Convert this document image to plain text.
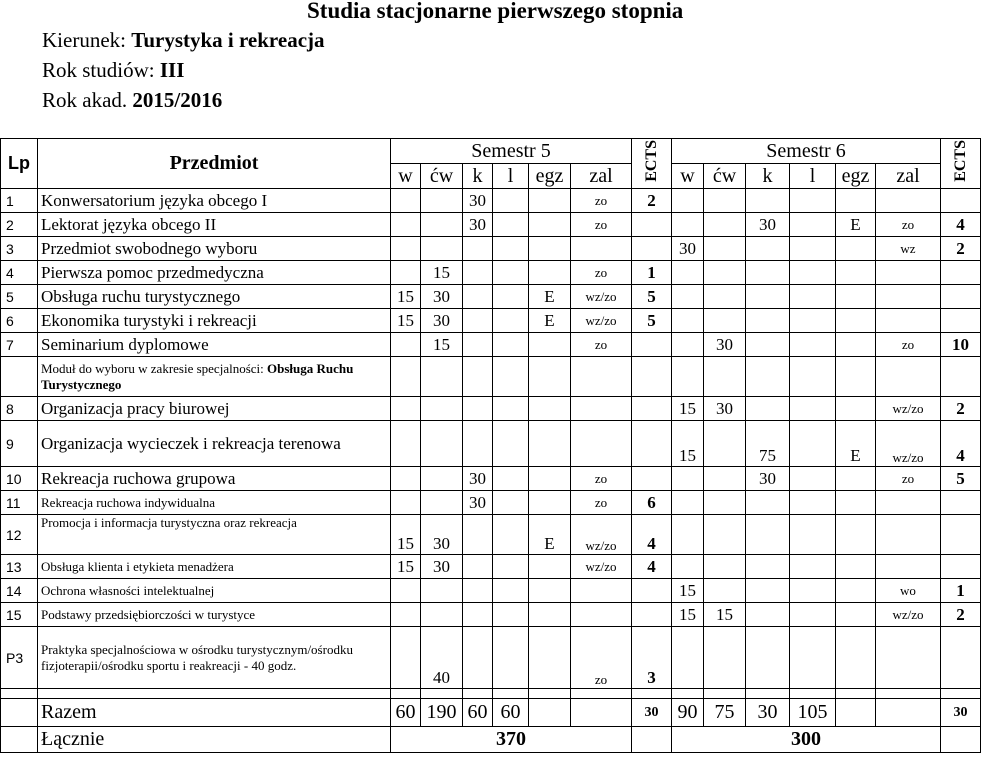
Studia stacjonarne pierwszego stopnia
Kierunek: Turystyka i rekreacja
Rok studiów: III
Rok akad. 2015/2016
Lp	Przedmiot	Semestr 5						ECTS	Semestr 6						ECTS
		w	ćw	k	l	egz	zal		w	ćw	k	l	egz	zal	
1	Konwersatorium języka obcego I			30			zo	2							
2	Lektorat języka obcego II			30			zo				30		E	zo	4
3	Przedmiot swobodnego wyboru								30					wz	2
4	Pierwsza pomoc przedmedyczna		15				zo	1							
5	Obsługa ruchu turystycznego	15	30			E	wz/zo	5							
6	Ekonomika turystyki i rekreacji	15	30			E	wz/zo	5							
7	Seminarium dyplomowe		15				zo			30				zo	10
	Moduł do wyboru w zakresie specjalności: Obsługa Ruchu Turystycznego														
8	Organizacja pracy biurowej								15	30				wz/zo	2
9	Organizacja wycieczek i rekreacja terenowa								15		75		E	wz/zo	4
10	Rekreacja ruchowa grupowa			30			zo				30			zo	5
11	Rekreacja ruchowa indywidualna			30			zo	6							
12	Promocja i informacja turystyczna oraz rekreacja	15	30			E	wz/zo	4							
13	Obsługa klienta i etykieta menadżera	15	30				wz/zo	4							
14	Ochrona własności intelektualnej								15					wo	1
15	Podstawy przedsiębiorczości w turystyce								15	15				wz/zo	2
P3	Praktyka specjalnościowa w ośrodku turystycznym/ośrodku fizjoterapii/ośrodku sportu i reakreacji - 40 godz.		40				zo	3							

	Razem	60	190	60	60			30	90	75	30	105			30
	Łącznie	370							300						
